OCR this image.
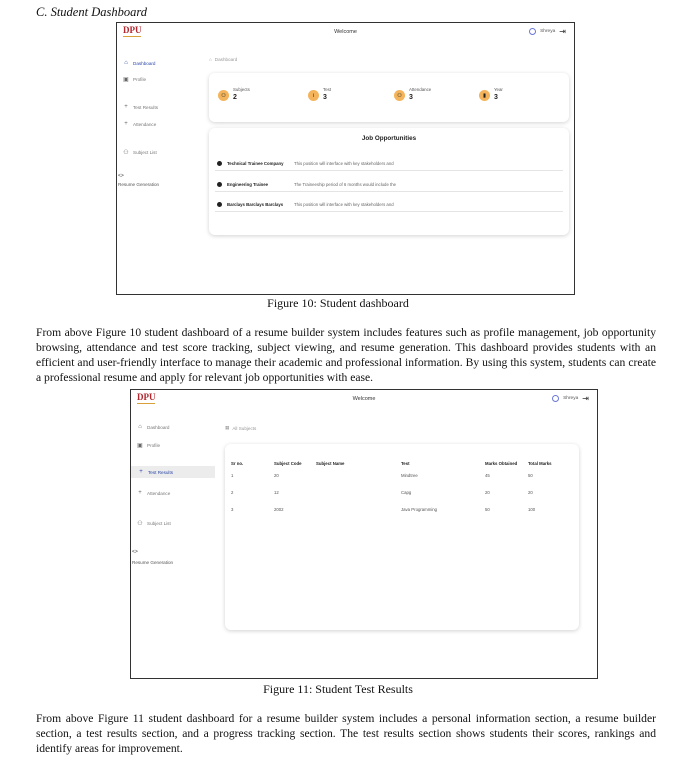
C. Student Dashboard
DPU	Welcome	Shreya ⇥
⌂ Dashboard
▣ Profile
+ Test Results
+ Attendance
⚇ Subject List
<>
Resume Generation
⌂ Dashboard
⚇
Subjects
2	i
Test
3	⚇
Attendance
3	▮
Year
3
Job Opportunities
Technical Trainee Company	This position will interface with key stakeholders and
Engineering Trainee	The Traineeship period of 6 months would include the
Barclays Barclays Barclays	This position will interface with key stakeholders and
Figure 10: Student dashboard
From above Figure 10 student dashboard of a resume builder system includes features such as profile management, job opportunity browsing, attendance and test score tracking, subject viewing, and resume generation. This dashboard provides students with an efficient and user-friendly interface to manage their academic and professional information. By using this system, students can create a professional resume and apply for relevant job opportunities with ease.
DPU	Welcome	Shreya ⇥
⌂ Dashboard
▣ Profile
+ Test Results
+ Attendance
⚇ Subject List
<>
Resume Generation
▦ All Subjects
Sr no.	Subject Code	Subject Name	Test	Marks Obtained	Total Marks
1	20		Mindtree	45	50
2	12		Capg	20	20
3	2002		Java Programming	50	100
Figure 11: Student Test Results
From above Figure 11 student dashboard for a resume builder system includes a personal information section, a resume builder section, a test results section, and a progress tracking section. The test results section shows students their scores, rankings and identify areas for improvement.
